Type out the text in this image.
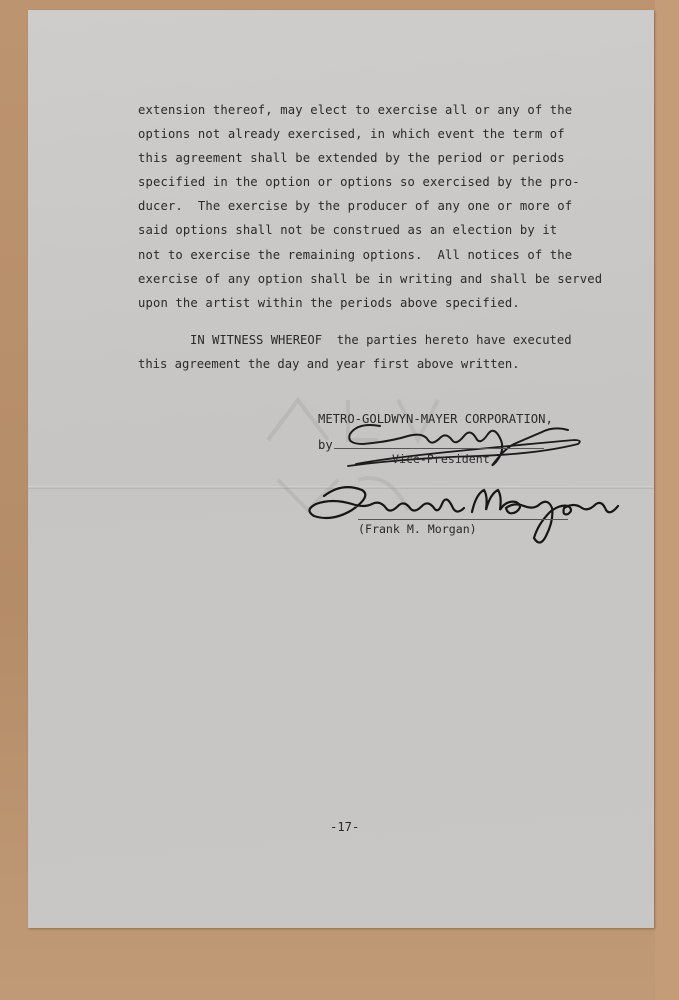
extension thereof, may elect to exercise all or any of the
options not already exercised, in which event the term of
this agreement shall be extended by the period or periods
specified in the option or options so exercised by the pro-
ducer.  The exercise by the producer of any one or more of
said options shall not be construed as an election by it
not to exercise the remaining options.  All notices of the
exercise of any option shall be in writing and shall be served
upon the artist within the periods above specified.
IN WITNESS WHEREOF  the parties hereto have executed
this agreement the day and year first above written.
METRO-GOLDWYN-MAYER CORPORATION,
by
Vice-President
(Frank M. Morgan)
-17-
